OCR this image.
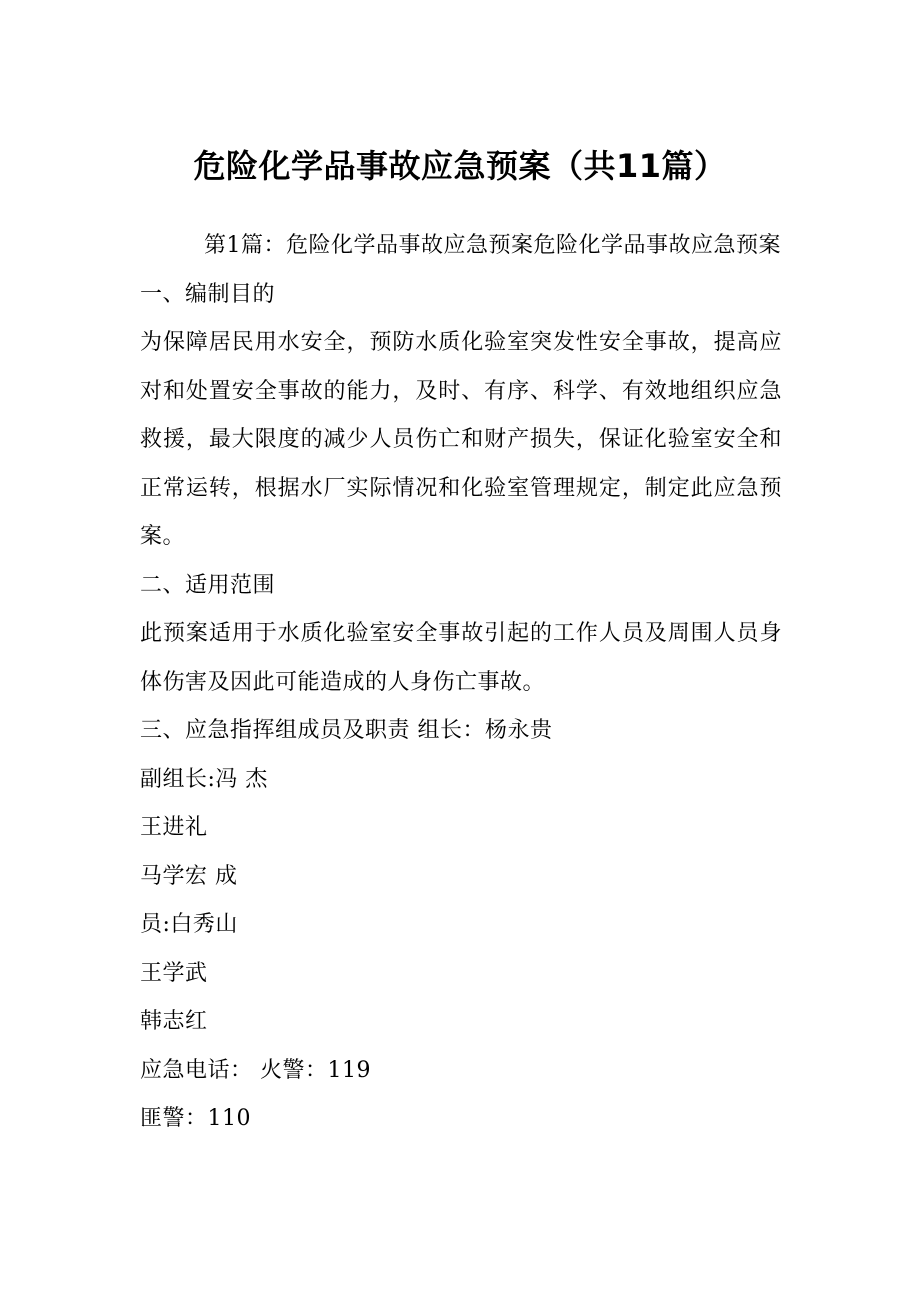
危险化学品事故应急预案（共11篇）

第1篇：危险化学品事故应急预案危险化学品事故应急预案

一、编制目的

为保障居民用水安全，预防水质化验室突发性安全事故，提高应对和处置安全事故的能力，及时、有序、科学、有效地组织应急救援，最大限度的减少人员伤亡和财产损失，保证化验室安全和正常运转，根据水厂实际情况和化验室管理规定，制定此应急预案。

二、适用范围

此预案适用于水质化验室安全事故引起的工作人员及周围人员身体伤害及因此可能造成的人身伤亡事故。

三、应急指挥组成员及职责 组长：杨永贵

副组长:冯 杰

王进礼

马学宏 成

员:白秀山

王学武

韩志红

应急电话： 火警：119

匪警：110
